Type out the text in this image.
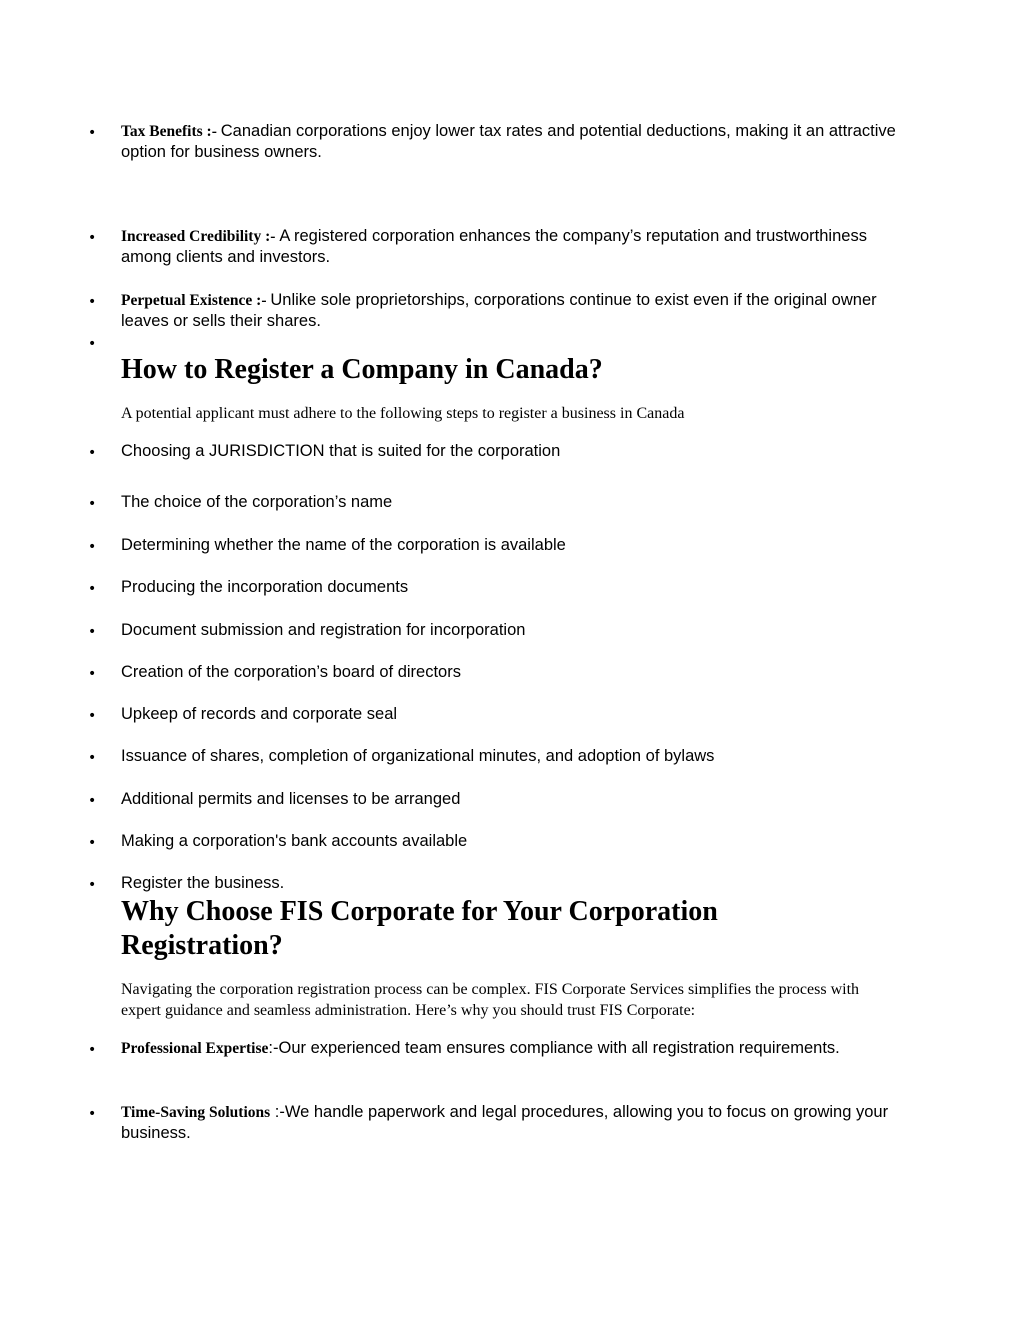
• Tax Benefits :- Canadian corporations enjoy lower tax rates and potential deductions, making it an attractive option for business owners.
• Increased Credibility :- A registered corporation enhances the company’s reputation and trustworthiness among clients and investors.
• Perpetual Existence :- Unlike sole proprietorships, corporations continue to exist even if the original owner leaves or sells their shares.
•
How to Register a Company in Canada?
A potential applicant must adhere to the following steps to register a business in Canada
• Choosing a JURISDICTION that is suited for the corporation
• The choice of the corporation’s name
• Determining whether the name of the corporation is available
• Producing the incorporation documents
• Document submission and registration for incorporation
• Creation of the corporation’s board of directors
• Upkeep of records and corporate seal
• Issuance of shares, completion of organizational minutes, and adoption of bylaws
• Additional permits and licenses to be arranged
• Making a corporation's bank accounts available
• Register the business.
Why Choose FIS Corporate for Your Corporation Registration?
Navigating the corporation registration process can be complex. FIS Corporate Services simplifies the process with expert guidance and seamless administration. Here’s why you should trust FIS Corporate:
• Professional Expertise:-Our experienced team ensures compliance with all registration requirements.
• Time-Saving Solutions :-We handle paperwork and legal procedures, allowing you to focus on growing your business.
